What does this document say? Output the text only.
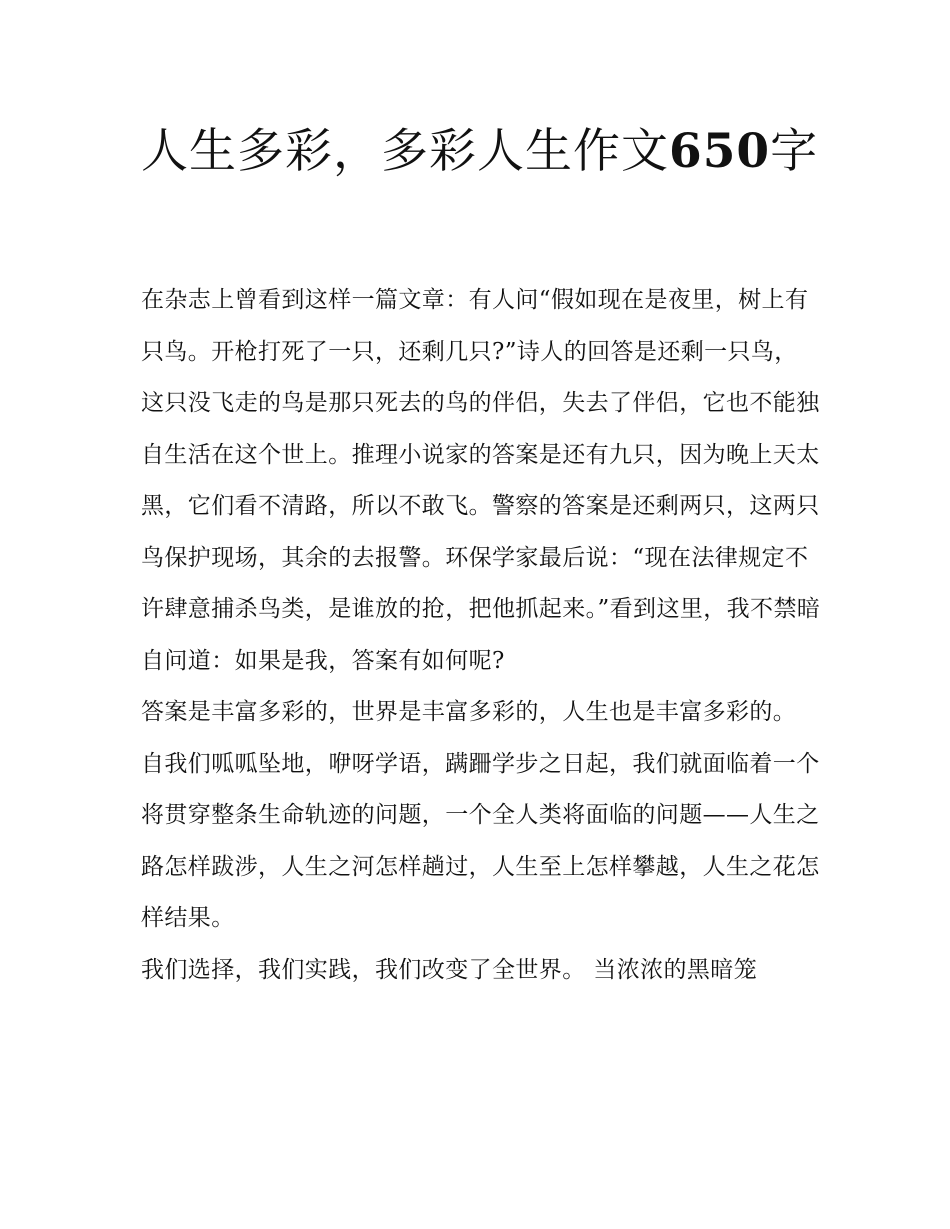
人生多彩，多彩人生作文650字

在杂志上曾看到这样一篇文章：有人问“假如现在是夜里，树上有只鸟。开枪打死了一只，还剩几只?”诗人的回答是还剩一只鸟，这只没飞走的鸟是那只死去的鸟的伴侣，失去了伴侣，它也不能独自生活在这个世上。推理小说家的答案是还有九只，因为晚上天太黑，它们看不清路，所以不敢飞。警察的答案是还剩两只，这两只鸟保护现场，其余的去报警。环保学家最后说：“现在法律规定不许肆意捕杀鸟类，是谁放的抢，把他抓起来。”看到这里，我不禁暗自问道：如果是我，答案有如何呢?

答案是丰富多彩的，世界是丰富多彩的，人生也是丰富多彩的。

自我们呱呱坠地，咿呀学语，蹒跚学步之日起，我们就面临着一个将贯穿整条生命轨迹的问题，一个全人类将面临的问题——人生之路怎样跋涉，人生之河怎样趟过，人生至上怎样攀越，人生之花怎样结果。

我们选择，我们实践，我们改变了全世界。 当浓浓的黑暗笼
